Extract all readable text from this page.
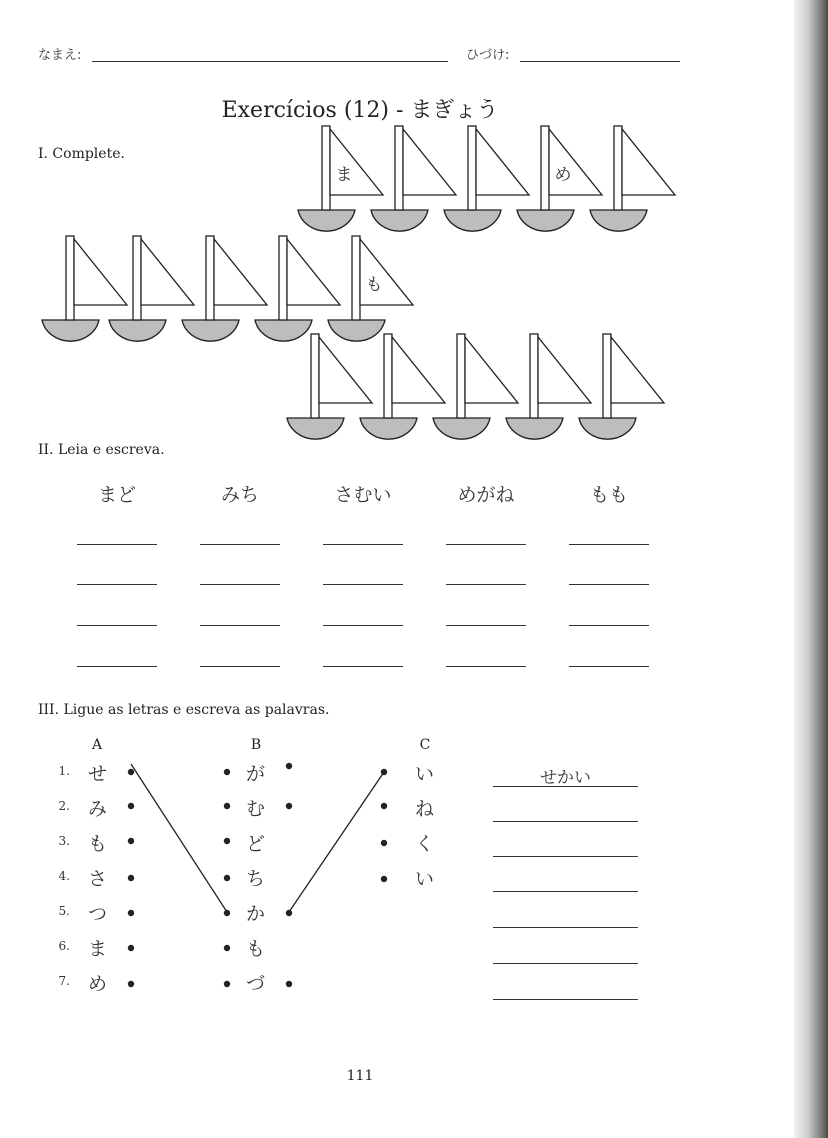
なまえ:	ひづけ:
Exercícios (12) - まぎょう
I. Complete.
ま	め
も
II. Leia e escreva.
まど	みち	さむい	めがね	もも
III. Ligue as letras e escreva as palavras.
A	B	C
1.
2.
3.
4.
5.
6.
7.
せ
み
も
さ
つ
ま
め
が
む
ど
ち
か
も
づ
い
ね
く
い
せかい
111
